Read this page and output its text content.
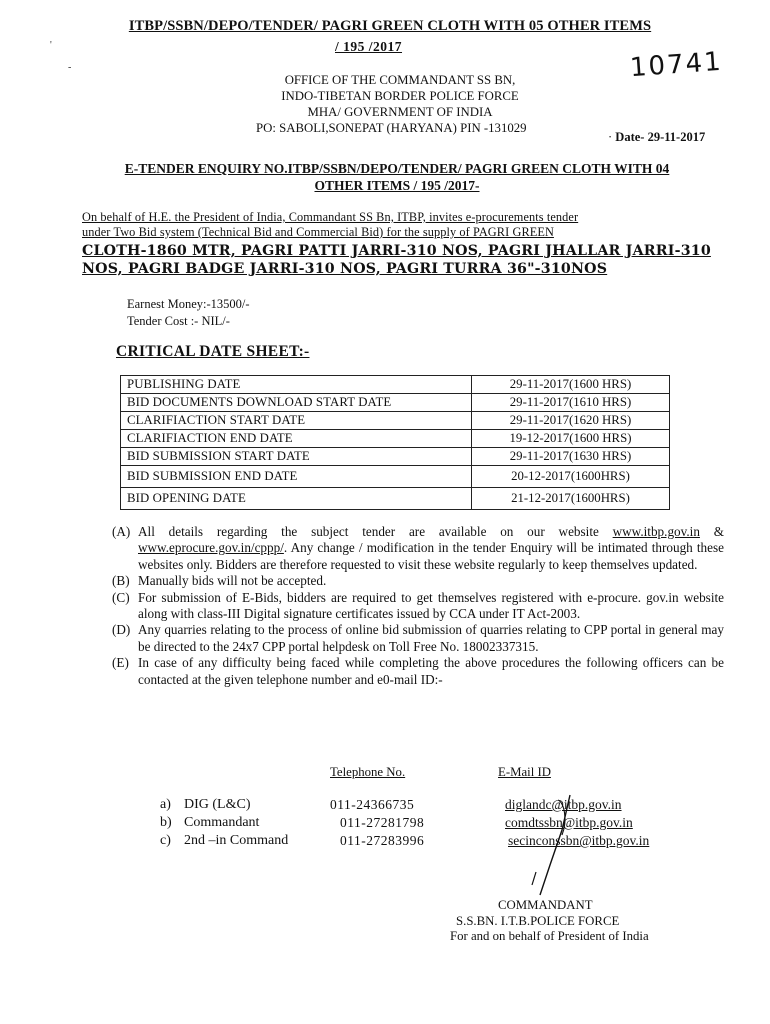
ITBP/SSBN/DEPO/TENDER/ PAGRI GREEN CLOTH WITH 05 OTHER ITEMS
/ 195 /2017
10741
'
-
OFFICE OF THE COMMANDANT SS BN,
INDO-TIBETAN BORDER POLICE FORCE
MHA/ GOVERNMENT OF INDIA
PO: SABOLI,SONEPAT (HARYANA) PIN -131029
· Date- 29-11-2017
E-TENDER ENQUIRY NO.ITBP/SSBN/DEPO/TENDER/ PAGRI GREEN CLOTH WITH 04
OTHER ITEMS / 195 /2017-
On behalf of H.E. the President of India, Commandant SS Bn, ITBP, invites e-procurements tender
under Two Bid system (Technical Bid and Commercial Bid) for the supply of PAGRI GREEN
CLOTH-1860 MTR, PAGRI PATTI JARRI-310 NOS, PAGRI JHALLAR JARRI-310 NOS, PAGRI BADGE JARRI-310 NOS, PAGRI TURRA 36"-310NOS
Earnest Money:-13500/-
Tender Cost :- NIL/-
CRITICAL DATE SHEET:-
PUBLISHING DATE	29-11-2017(1600 HRS)
BID DOCUMENTS DOWNLOAD START DATE	29-11-2017(1610 HRS)
CLARIFIACTION START DATE	29-11-2017(1620 HRS)
CLARIFIACTION END DATE	19-12-2017(1600 HRS)
BID SUBMISSION START DATE	29-11-2017(1630 HRS)
BID SUBMISSION END DATE	20-12-2017(1600HRS)
BID OPENING DATE	21-12-2017(1600HRS)
(A) All details regarding the subject tender are available on our website www.itbp.gov.in & www.eprocure.gov.in/cppp/. Any change / modification in the tender Enquiry will be intimated through these websites only. Bidders are therefore requested to visit these website regularly to keep themselves updated.
(B) Manually bids will not be accepted.
(C) For submission of E-Bids, bidders are required to get themselves registered with e-procure. gov.in website along with class-III Digital signature certificates issued by CCA under IT Act-2003.
(D) Any quarries relating to the process of online bid submission of quarries relating to CPP portal in general may be directed to the 24x7 CPP portal helpdesk on Toll Free No. 18002337315.
(E) In case of any difficulty being faced while completing the above procedures the following officers can be contacted at the given telephone number and e0-mail ID:-
Telephone No.	E-Mail ID
a) DIG (L&C)	011-24366735	diglandc@itbp.gov.in
b) Commandant	011-27281798	comdtssbn@itbp.gov.in
c) 2nd –in Command	011-27283996	secinconssbn@itbp.gov.in
COMMANDANT
S.S.BN. I.T.B.POLICE FORCE
For and on behalf of President of India
